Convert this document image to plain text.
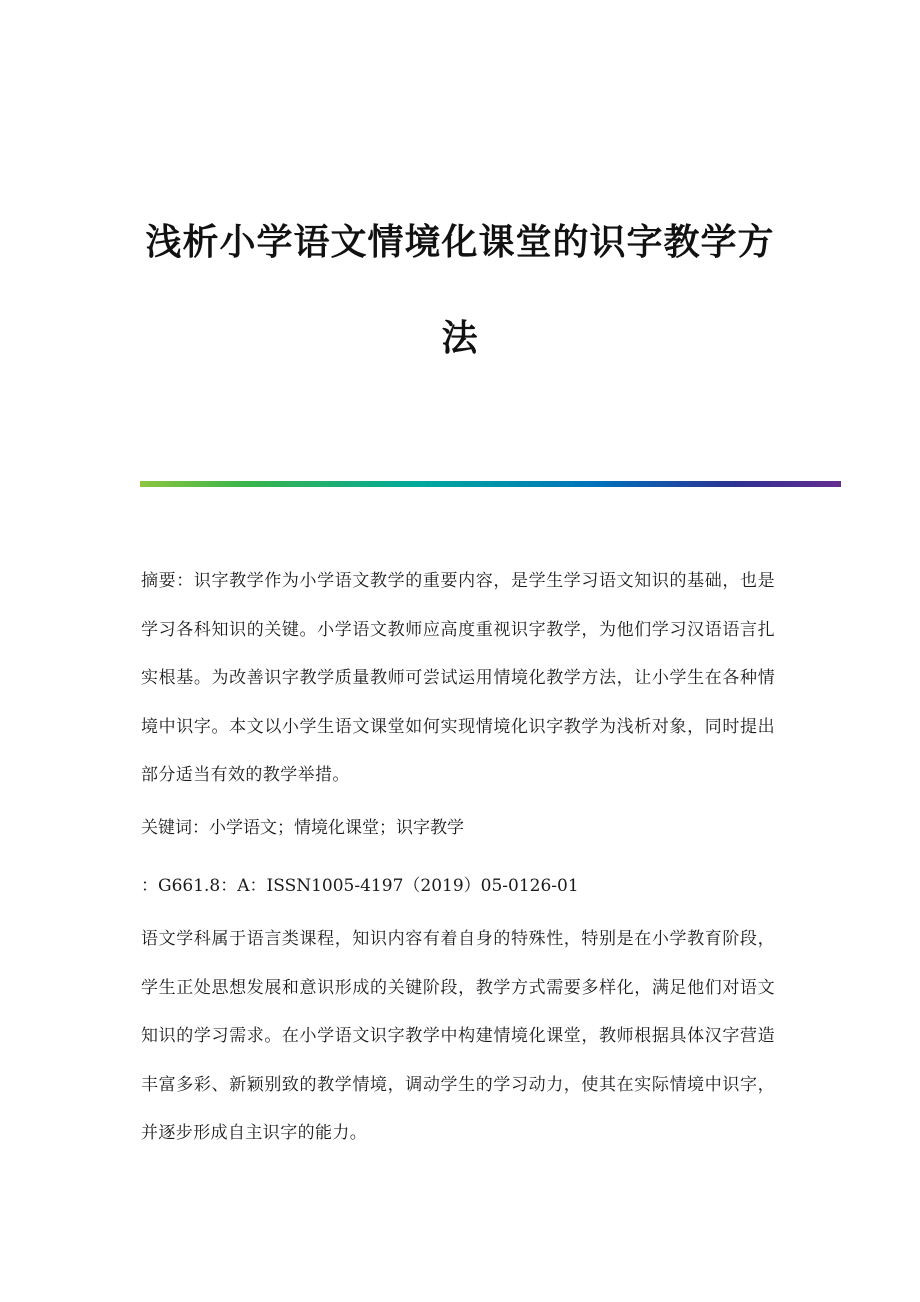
浅析小学语文情境化课堂的识字教学方
法

摘要：识字教学作为小学语文教学的重要内容，是学生学习语文知识的基础，也是学习各科知识的关键。小学语文教师应高度重视识字教学，为他们学习汉语语言扎实根基。为改善识字教学质量教师可尝试运用情境化教学方法，让小学生在各种情境中识字。本文以小学生语文课堂如何实现情境化识字教学为浅析对象，同时提出部分适当有效的教学举措。

关键词：小学语文；情境化课堂；识字教学
：G661.8：A：ISSN1005-4197（2019）05-0126-01

语文学科属于语言类课程，知识内容有着自身的特殊性，特别是在小学教育阶段，学生正处思想发展和意识形成的关键阶段，教学方式需要多样化，满足他们对语文知识的学习需求。在小学语文识字教学中构建情境化课堂，教师根据具体汉字营造丰富多彩、新颖别致的教学情境，调动学生的学习动力，使其在实际情境中识字，并逐步形成自主识字的能力。
